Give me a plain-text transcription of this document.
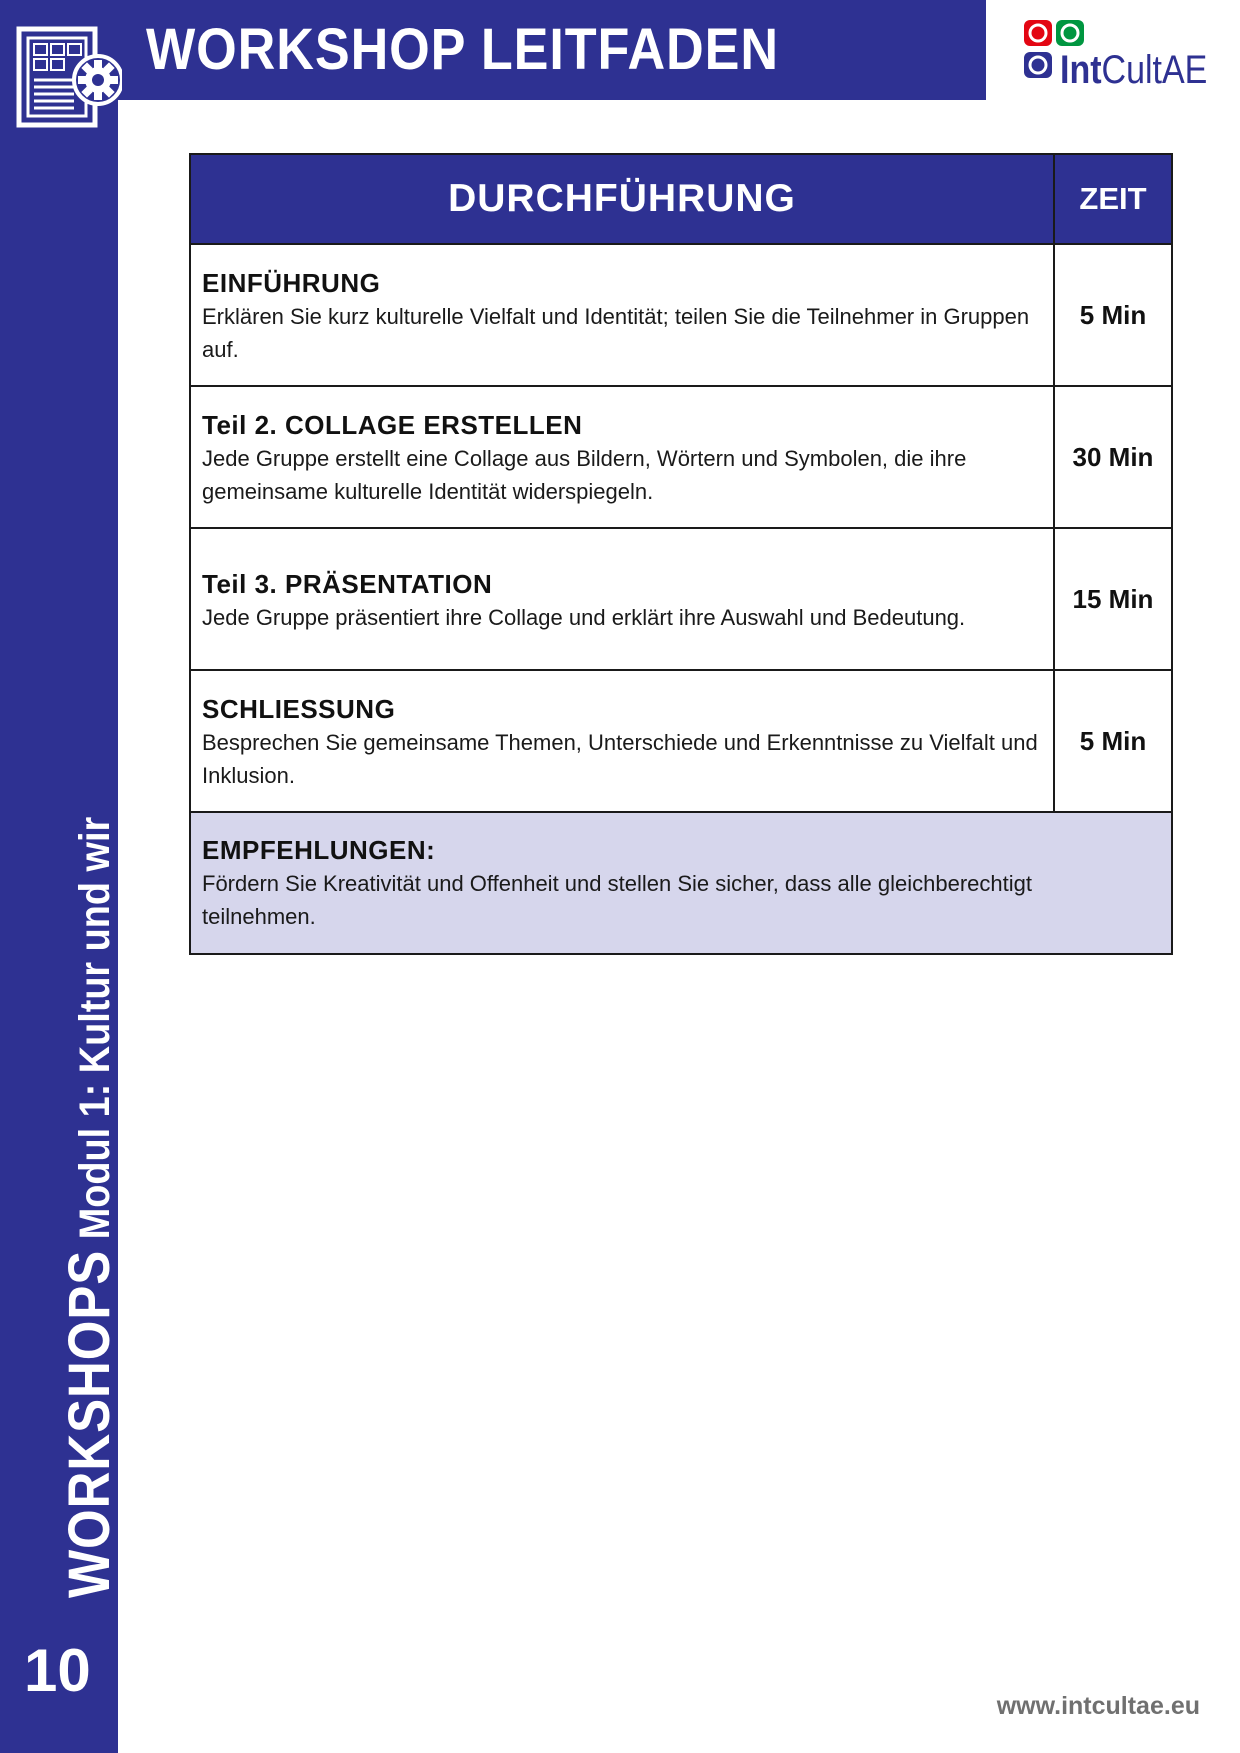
WORKSHOP LEITFADEN	IntCultAE
WORKSHOPS Modul 1: Kultur und wir
10
DURCHFÜHRUNG	ZEIT

EINFÜHRUNG
Erklären Sie kurz kulturelle Vielfalt und Identität; teilen Sie die Teilnehmer in Gruppen auf.	5 Min

Teil 2. COLLAGE ERSTELLEN
Jede Gruppe erstellt eine Collage aus Bildern, Wörtern und Symbolen, die ihre gemeinsame kulturelle Identität widerspiegeln.	30 Min

Teil 3. PRÄSENTATION
Jede Gruppe präsentiert ihre Collage und erklärt ihre Auswahl und Bedeutung.	15 Min

SCHLIESSUNG
Besprechen Sie gemeinsame Themen, Unterschiede und Erkenntnisse zu Vielfalt und Inklusion.	5 Min

EMPFEHLUNGEN:
Fördern Sie Kreativität und Offenheit und stellen Sie sicher, dass alle gleichberechtigt teilnehmen.	
www.intcultae.eu
